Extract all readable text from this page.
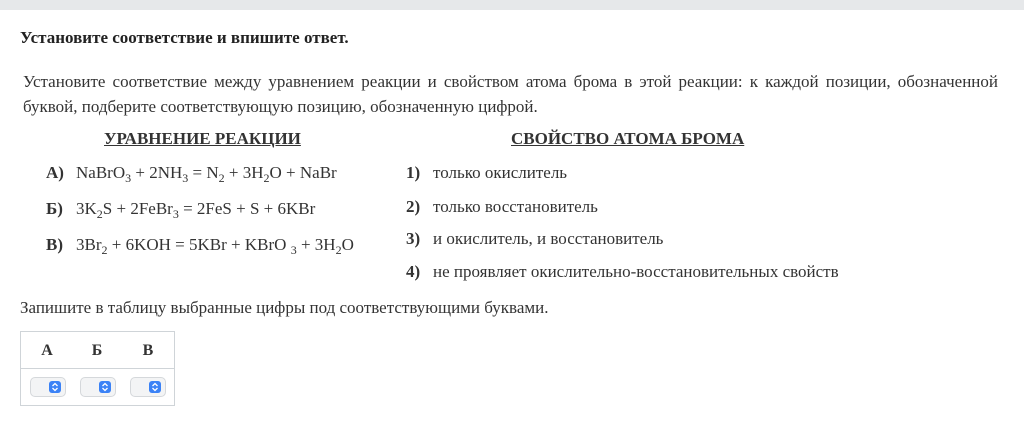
Установите соответствие и впишите ответ.
Установите соответствие между уравнением реакции и свойством атома брома в этой реакции: к каждой позиции, обозначенной буквой, подберите соответствующую позицию, обозначенную цифрой.
УРАВНЕНИЕ РЕАКЦИИ	СВОЙСТВО АТОМА БРОМА
А) NaBrO$_3$ + $2NH_3 = N_2 + 3H_2O$ + NaBr
Б) $3K_2S$ + 2FeBr$_3$ = 2FeS + S + 6KBr
В) $3Br_2 + 6KOH = 5KBr$ + KBrO $_3 + 3H_2O$
1) только окислитель
2) только восстановитель
3) и окислитель, и восстановитель
4) не проявляет окислительно-восстановительных свойств
Запишите в таблицу выбранные цифры под соответствующими буквами.
А	Б	В
